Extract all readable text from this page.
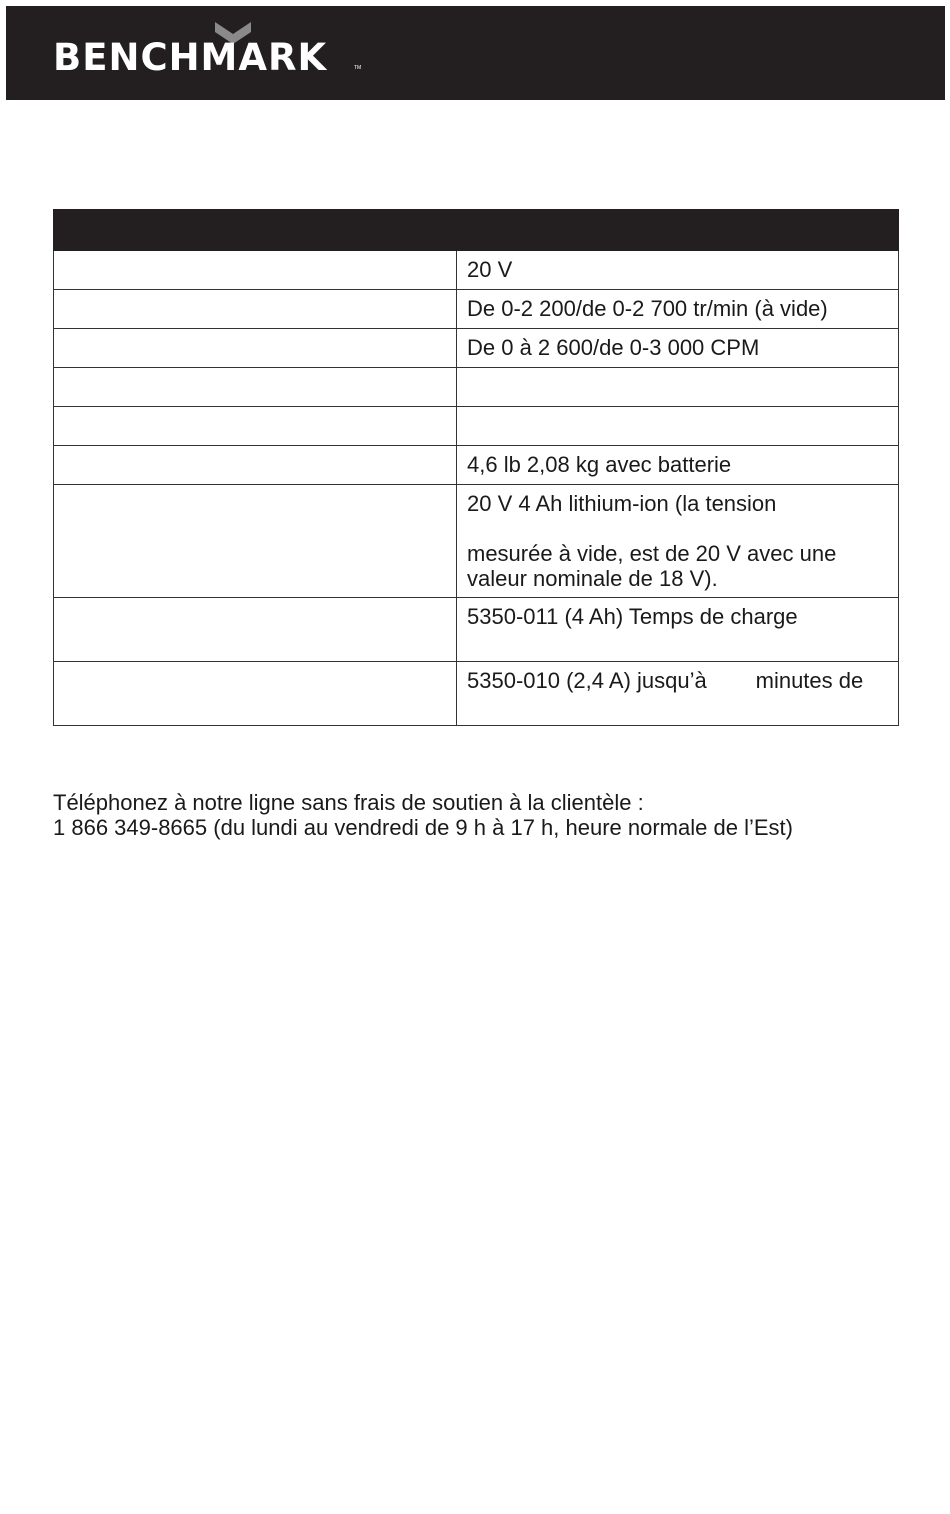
BENCHMARK	TM

	20 V
	De 0-2 200/de 0-2 700 tr/min (à vide)
	De 0 à 2 600/de 0-3 000 CPM

	4,6 lb 2,08 kg avec batterie
	20 V 4 Ah lithium-ion (la tension
mesurée à vide, est de 20 V avec une
valeur nominale de 18 V).
	5350-011 (4 Ah) Temps de charge
	5350-010 (2,4 A) jusqu’à        minutes de
Téléphonez à notre ligne sans frais de soutien à la clientèle :
1 866 349-8665 (du lundi au vendredi de 9 h à 17 h, heure normale de l’Est)
